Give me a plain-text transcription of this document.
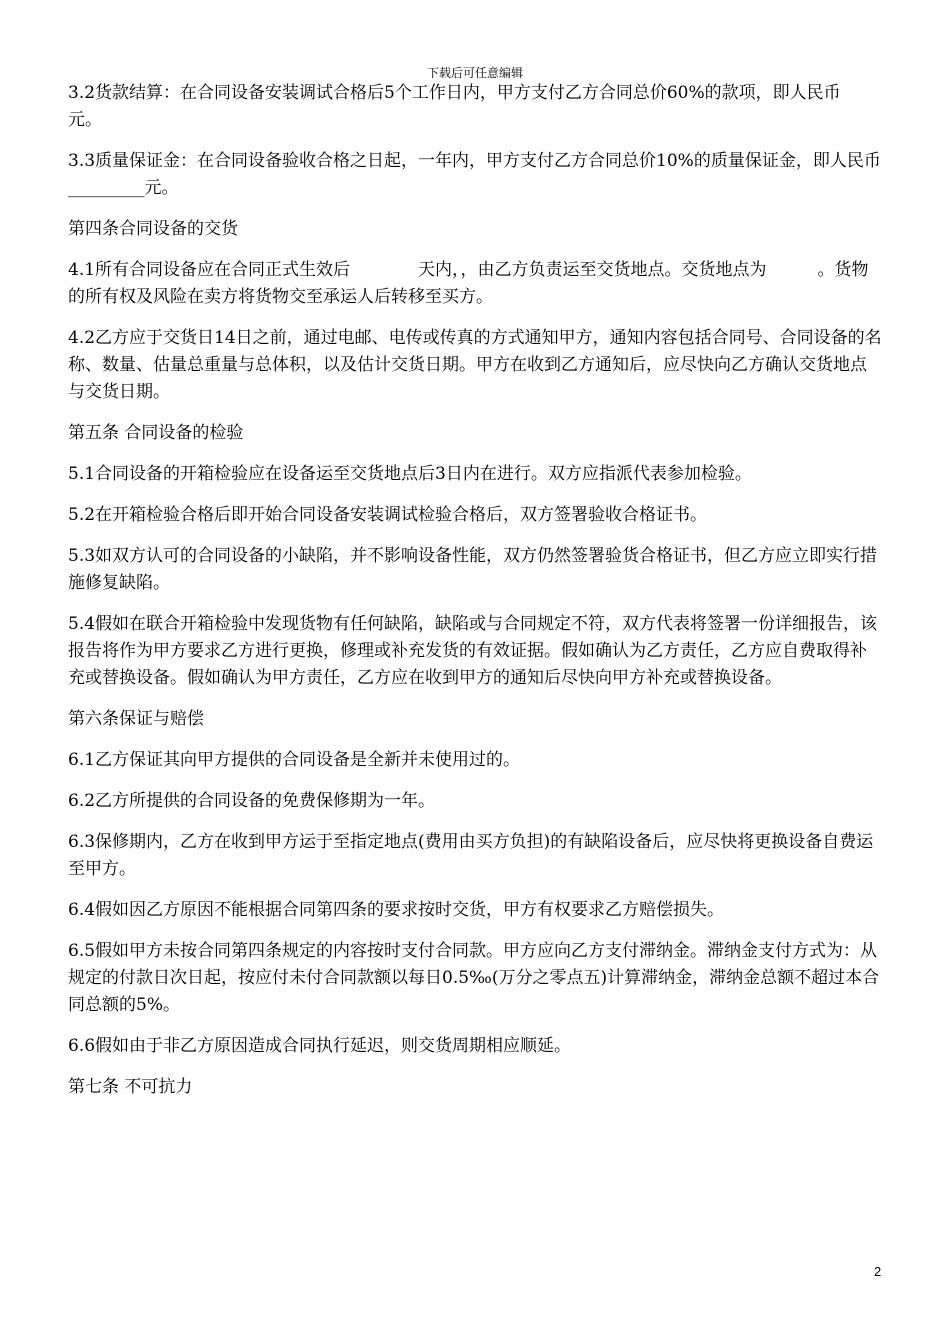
下载后可任意编辑

3.2货款结算：在合同设备安装调试合格后5个工作日内，甲方支付乙方合同总价60%的款项，即人民币　　　　　　元。

3.3质量保证金：在合同设备验收合格之日起，一年内，甲方支付乙方合同总价10%的质量保证金，即人民币_________元。

第四条合同设备的交货

4.1所有合同设备应在合同正式生效后　　　　天内，，由乙方负责运至交货地点。交货地点为　　　。货物的所有权及风险在卖方将货物交至承运人后转移至买方。

4.2乙方应于交货日14日之前，通过电邮、电传或传真的方式通知甲方，通知内容包括合同号、合同设备的名称、数量、估量总重量与总体积，以及估计交货日期。甲方在收到乙方通知后，应尽快向乙方确认交货地点与交货日期。

第五条 合同设备的检验

5.1合同设备的开箱检验应在设备运至交货地点后3日内在进行。双方应指派代表参加检验。

5.2在开箱检验合格后即开始合同设备安装调试检验合格后，双方签署验收合格证书。

5.3如双方认可的合同设备的小缺陷，并不影响设备性能，双方仍然签署验货合格证书，但乙方应立即实行措施修复缺陷。

5.4假如在联合开箱检验中发现货物有任何缺陷，缺陷或与合同规定不符，双方代表将签署一份详细报告，该报告将作为甲方要求乙方进行更换，修理或补充发货的有效证据。假如确认为乙方责任，乙方应自费取得补充或替换设备。假如确认为甲方责任，乙方应在收到甲方的通知后尽快向甲方补充或替换设备。

第六条保证与赔偿

6.1乙方保证其向甲方提供的合同设备是全新并未使用过的。

6.2乙方所提供的合同设备的免费保修期为一年。

6.3保修期内，乙方在收到甲方运于至指定地点(费用由买方负担)的有缺陷设备后，应尽快将更换设备自费运至甲方。

6.4假如因乙方原因不能根据合同第四条的要求按时交货，甲方有权要求乙方赔偿损失。

6.5假如甲方未按合同第四条规定的内容按时支付合同款。甲方应向乙方支付滞纳金。滞纳金支付方式为：从规定的付款日次日起，按应付未付合同款额以每日0.5‰(万分之零点五)计算滞纳金，滞纳金总额不超过本合同总额的5%。

6.6假如由于非乙方原因造成合同执行延迟，则交货周期相应顺延。

第七条 不可抗力

2
